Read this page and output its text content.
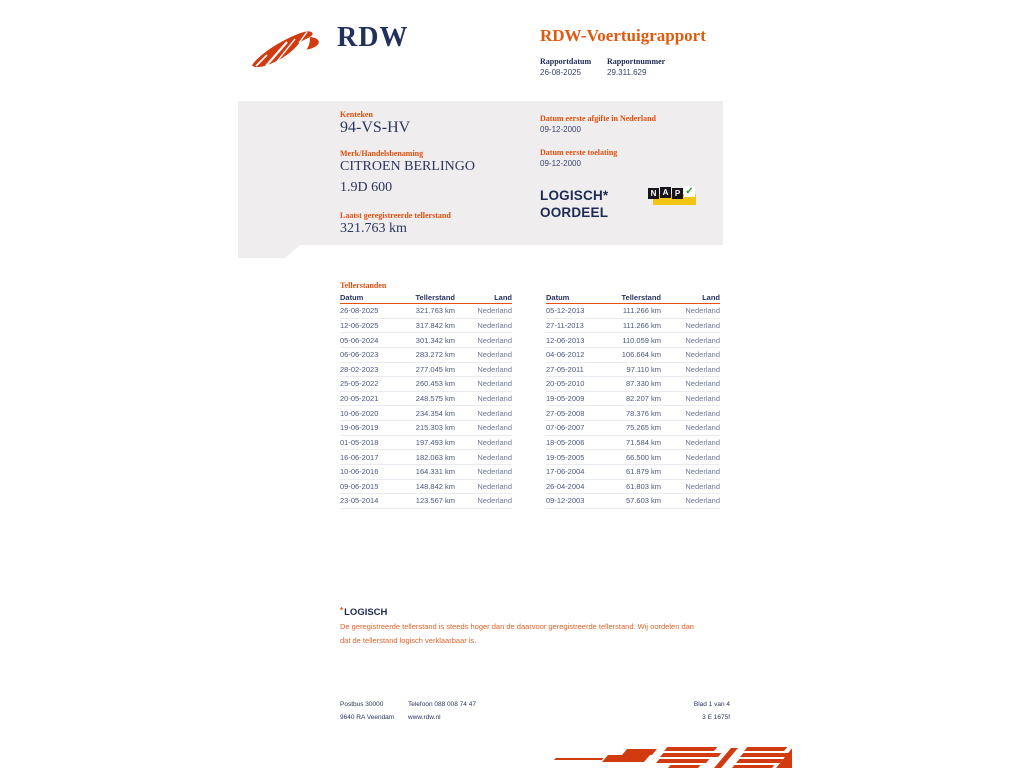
RDW	RDW-Voertuigrapport
Rapportdatum Rapportnummer
26-08-2025	29.311.629
Kenteken
94-VS-HV
Merk/Handelsbenaming
CITROEN BERLINGO
1.9D 600
Laatst geregistreerde tellerstand
321.763 km
Datum eerste afgifte in Nederland
09-12-2000
Datum eerste toelating
09-12-2000
LOGISCH*
OORDEEL
N A P ✓
Tellerstanden
Datum	Tellerstand	Land
26-08-2025	321.763 km	Nederland
12-06-2025	317.842 km	Nederland
05-06-2024	301.342 km	Nederland
06-06-2023	283.272 km	Nederland
28-02-2023	277.045 km	Nederland
25-05-2022	260.453 km	Nederland
20-05-2021	248.575 km	Nederland
10-06-2020	234.354 km	Nederland
19-06-2019	215.303 km	Nederland
01-05-2018	197.493 km	Nederland
16-06-2017	182.063 km	Nederland
10-06-2016	164.331 km	Nederland
09-06-2015	148.842 km	Nederland
23-05-2014	123.567 km	Nederland
Datum	Tellerstand	Land
05-12-2013	111.266 km	Nederland
27-11-2013	111.266 km	Nederland
12-06-2013	110.059 km	Nederland
04-06-2012	106.664 km	Nederland
27-05-2011	97.110 km	Nederland
20-05-2010	87.330 km	Nederland
19-05-2009	82.207 km	Nederland
27-05-2008	78.376 km	Nederland
07-06-2007	75.265 km	Nederland
18-05-2006	71.584 km	Nederland
19-05-2005	66.500 km	Nederland
17-06-2004	61.879 km	Nederland
26-04-2004	61.803 km	Nederland
09-12-2003	57.603 km	Nederland
*LOGISCH
De geregistreerde tellerstand is steeds hoger dan de daarvoor geregistreerde tellerstand. Wij oordelen dan
dat de tellerstand logisch verklaarbaar is.
Postbus 30000
9640 RA Veendam
Telefoon 088 008 74 47
www.rdw.nl
Blad 1 van 4
3 E 1675f
